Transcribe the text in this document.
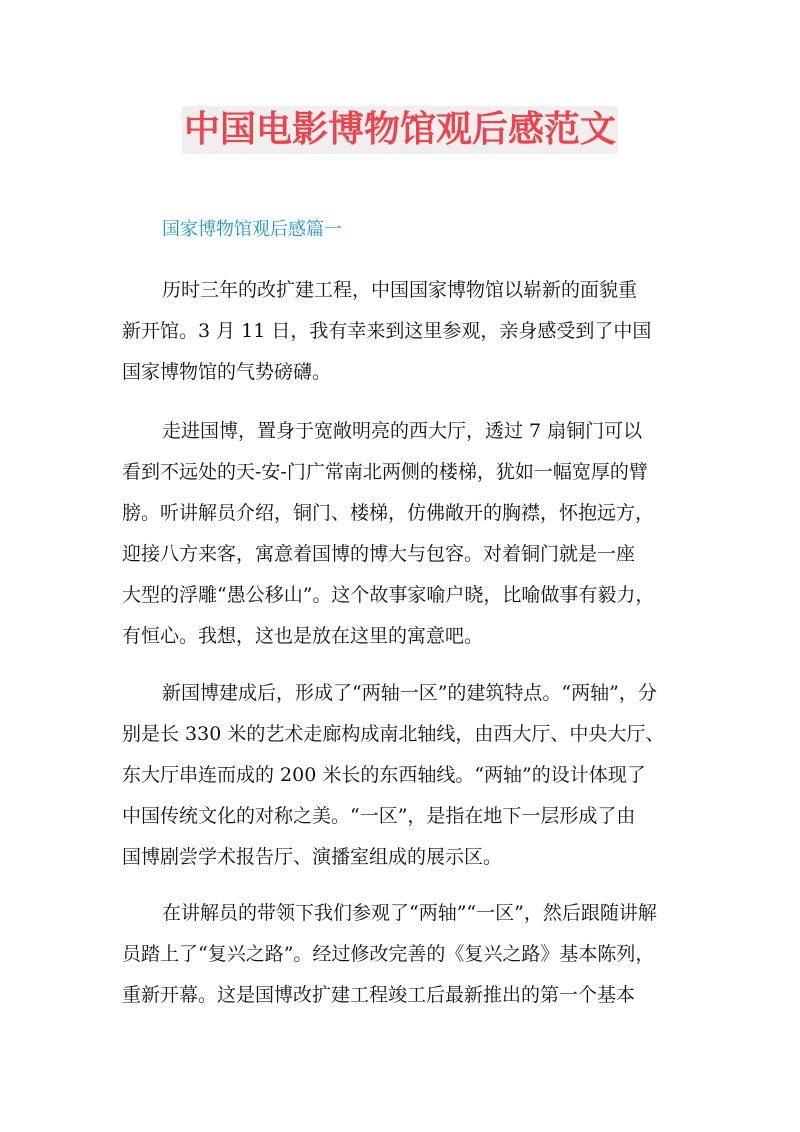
中国电影博物馆观后感范文
国家博物馆观后感篇一
历时三年的改扩建工程，中国国家博物馆以崭新的面貌重
新开馆。3 月 11 日，我有幸来到这里参观，亲身感受到了中国
国家博物馆的气势磅礴。
走进国博，置身于宽敞明亮的西大厅，透过 7 扇铜门可以
看到不远处的天-安-门广常南北两侧的楼梯，犹如一幅宽厚的臂
膀。听讲解员介绍，铜门、楼梯，仿佛敞开的胸襟，怀抱远方，
迎接八方来客，寓意着国博的博大与包容。对着铜门就是一座
大型的浮雕“愚公移山”。这个故事家喻户晓，比喻做事有毅力，
有恒心。我想，这也是放在这里的寓意吧。
新国博建成后，形成了“两轴一区”的建筑特点。“两轴”，分
别是长 330 米的艺术走廊构成南北轴线，由西大厅、中央大厅、
东大厅串连而成的 200 米长的东西轴线。“两轴”的设计体现了
中国传统文化的对称之美。“一区”，是指在地下一层形成了由
国博剧尝学术报告厅、演播室组成的展示区。
在讲解员的带领下我们参观了“两轴”“一区”，然后跟随讲解
员踏上了“复兴之路”。经过修改完善的《复兴之路》基本陈列，
重新开幕。这是国博改扩建工程竣工后最新推出的第一个基本
